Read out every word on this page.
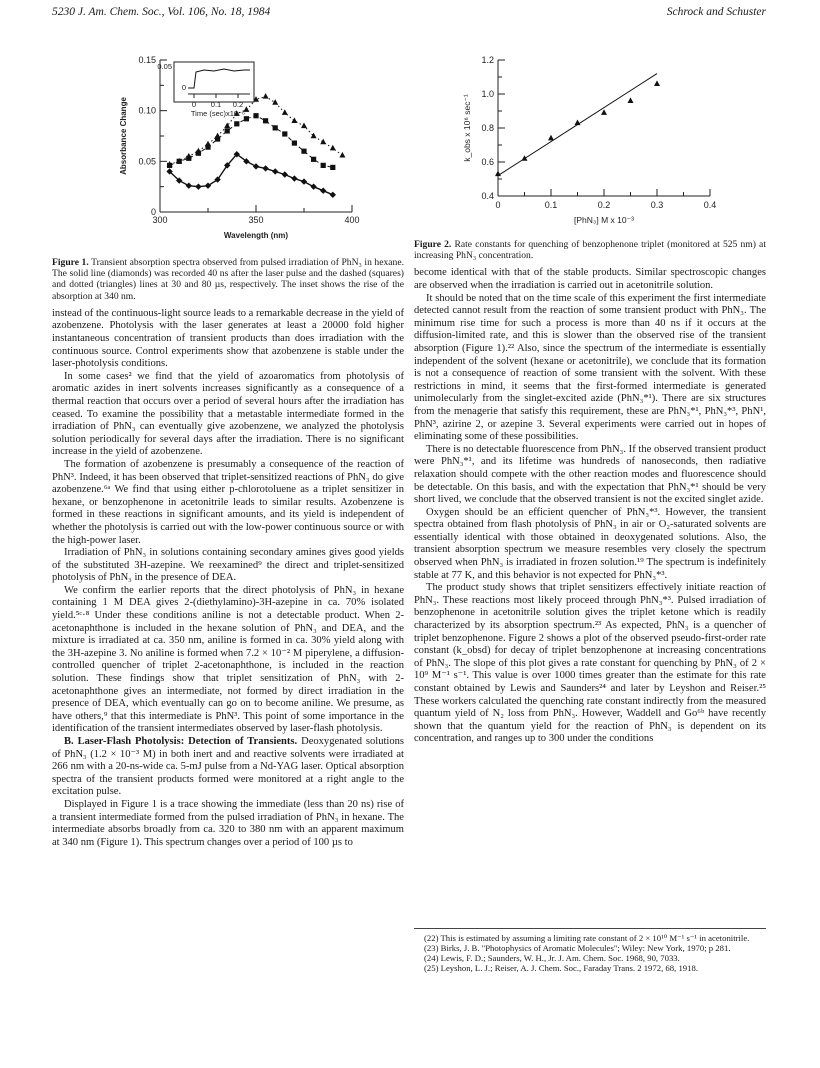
5230 J. Am. Chem. Soc., Vol. 106, No. 18, 1984	Schrock and Schuster
0
0.05
0.10
0.15
300	350	400
Wavelength (nm)
Absorbance Change
0.05
0
0 0.1 0.2
Time (sec)x10⁻⁶

Figure 1. Transient absorption spectra observed from pulsed irradiation of PhN₃ in hexane. The solid line (diamonds) was recorded 40 ns after the laser pulse and the dashed (squares) and dotted (triangles) lines at 30 and 80 µs, respectively. The inset shows the rise of the absorption at 340 nm.

instead of the continuous-light source leads to a remarkable decrease in the yield of azobenzene. Photolysis with the laser generates at least a 20000 fold higher instantaneous concentration of transient products than does irradiation with the continuous source. Control experiments show that azobenzene is stable under the laser-photolysis conditions.

In some cases² we find that the yield of azoaromatics from photolysis of aromatic azides in inert solvents increases significantly as a consequence of a thermal reaction that occurs over a period of several hours after the irradiation has ceased. To examine the possibility that a metastable intermediate formed in the irradiation of PhN₃ can eventually give azobenzene, we analyzed the photolysis solution periodically for several days after the irradiation. There is no significant increase in the yield of azobenzene.

The formation of azobenzene is presumably a consequence of the reaction of PhN³. Indeed, it has been observed that triplet-sensitized reactions of PhN₃ do give azobenzene.⁶ᵃ We find that using either p-chlorotoluene as a triplet sensitizer in hexane, or benzophenone in acetonitrile leads to similar results. Azobenzene is formed in these reactions in significant amounts, and its yield is independent of whether the photolysis is carried out with the low-power continuous source or with the high-power laser.

Irradiation of PhN₃ in solutions containing secondary amines gives good yields of the substituted 3H-azepine. We reexamined⁹ the direct and triplet-sensitized photolysis of PhN₃ in the presence of DEA.

We confirm the earlier reports that the direct photolysis of PhN₃ in hexane containing 1 M DEA gives 2-(diethylamino)-3H-azepine in ca. 70% isolated yield.⁵ᶜ·⁸ Under these conditions aniline is not a detectable product. When 2-acetonaphthone is included in the hexane solution of PhN₃ and DEA, and the mixture is irradiated at ca. 350 nm, aniline is formed in ca. 30% yield along with the 3H-azepine 3. No aniline is formed when 7.2 × 10⁻² M piperylene, a diffusion-controlled quencher of triplet 2-acetonaphthone, is included in the reaction solution. These findings show that triplet sensitization of PhN₃ with 2-acetonaphthone gives an intermediate, not formed by direct irradiation in the presence of DEA, which eventually can go on to become aniline. We presume, as have others,⁹ that this intermediate is PhN³. This point of some importance in the identification of the transient intermediates observed by laser-flash photolysis.

B. Laser-Flash Photolysis: Detection of Transients. Deoxygenated solutions of PhN₃ (1.2 × 10⁻³ M) in both inert and and reactive solvents were irradiated at 266 nm with a 20-ns-wide ca. 5-mJ pulse from a Nd-YAG laser. Optical absorption spectra of the transient products formed were monitored at a right angle to the excitation pulse.

Displayed in Figure 1 is a trace showing the immediate (less than 20 ns) rise of a transient intermediate formed from the pulsed irradiation of PhN₃ in hexane. The intermediate absorbs broadly from ca. 320 to 380 nm with an apparent maximum at 340 nm (Figure 1). This spectrum changes over a period of 100 µs to

0.4
0.6
0.8
1.0
1.2
0	0.1	0.2	0.3	0.4
[PhN₃] M x 10⁻³
k_obs x 10⁶ sec⁻¹

Figure 2. Rate constants for quenching of benzophenone triplet (monitored at 525 nm) at increasing PhN₃ concentration.

become identical with that of the stable products. Similar spectroscopic changes are observed when the irradiation is carried out in acetonitrile solution.

It should be noted that on the time scale of this experiment the first intermediate detected cannot result from the reaction of some transient product with PhN₃. The minimum rise time for such a process is more than 40 ns if it occurs at the diffusion-limited rate, and this is slower than the observed rise of the transient absorption (Figure 1).²² Also, since the spectrum of the intermediate is essentially independent of the solvent (hexane or acetonitrile), we conclude that its formation is not a consequence of reaction of some transient with the solvent. With these restrictions in mind, it seems that the first-formed intermediate is generated unimolecularly from the singlet-excited azide (PhN₃*¹). There are six structures from the menagerie that satisfy this requirement, these are PhN₃*¹, PhN₃*³, PhN¹, PhN³, azirine 2, or azepine 3. Several experiments were carried out in hopes of eliminating some of these possibilities.

There is no detectable fluorescence from PhN₃. If the observed transient product were PhN₃*¹, and its lifetime was hundreds of nanoseconds, then radiative relaxation should compete with the other reaction modes and fluorescence should be detectable. On this basis, and with the expectation that PhN₃*¹ should be very short lived, we conclude that the observed transient is not the excited singlet azide.

Oxygen should be an efficient quencher of PhN₃*³. However, the transient spectra obtained from flash photolysis of PhN₃ in air or O₂-saturated solvents are essentially identical with those obtained in deoxygenated solutions. Also, the transient absorption spectrum we measure resembles very closely the spectrum observed when PhN₃ is irradiated in frozen solution.¹⁹ The spectrum is indefinitely stable at 77 K, and this behavior is not expected for PhN₃*³.

The product study shows that triplet sensitizers effectively initiate reaction of PhN₃. These reactions most likely proceed through PhN₃*³. Pulsed irradiation of benzophenone in acetonitrile solution gives the triplet ketone which is readily characterized by its absorption spectrum.²³ As expected, PhN₃ is a quencher of triplet benzophenone. Figure 2 shows a plot of the observed pseudo-first-order rate constant (k_obsd) for decay of triplet benzophenone at increasing concentrations of PhN₃. The slope of this plot gives a rate constant for quenching by PhN₃ of 2 × 10⁹ M⁻¹ s⁻¹. This value is over 1000 times greater than the estimate for this rate constant obtained by Lewis and Saunders²⁴ and later by Leyshon and Reiser.²⁵ These workers calculated the quenching rate constant indirectly from the measured quantum yield of N₂ loss from PhN₃. However, Waddell and Go⁶ᵇ have recently shown that the quantum yield for the reaction of PhN₃ is dependent on its concentration, and ranges up to 300 under the conditions

(22) This is estimated by assuming a limiting rate constant of 2 × 10¹⁰ M⁻¹ s⁻¹ in acetonitrile.

(23) Birks, J. B. "Photophysics of Aromatic Molecules"; Wiley: New York, 1970; p 281.

(24) Lewis, F. D.; Saunders, W. H., Jr. J. Am. Chem. Soc. 1968, 90, 7033.

(25) Leyshon, L. J.; Reiser, A. J. Chem. Soc., Faraday Trans. 2 1972, 68, 1918.
